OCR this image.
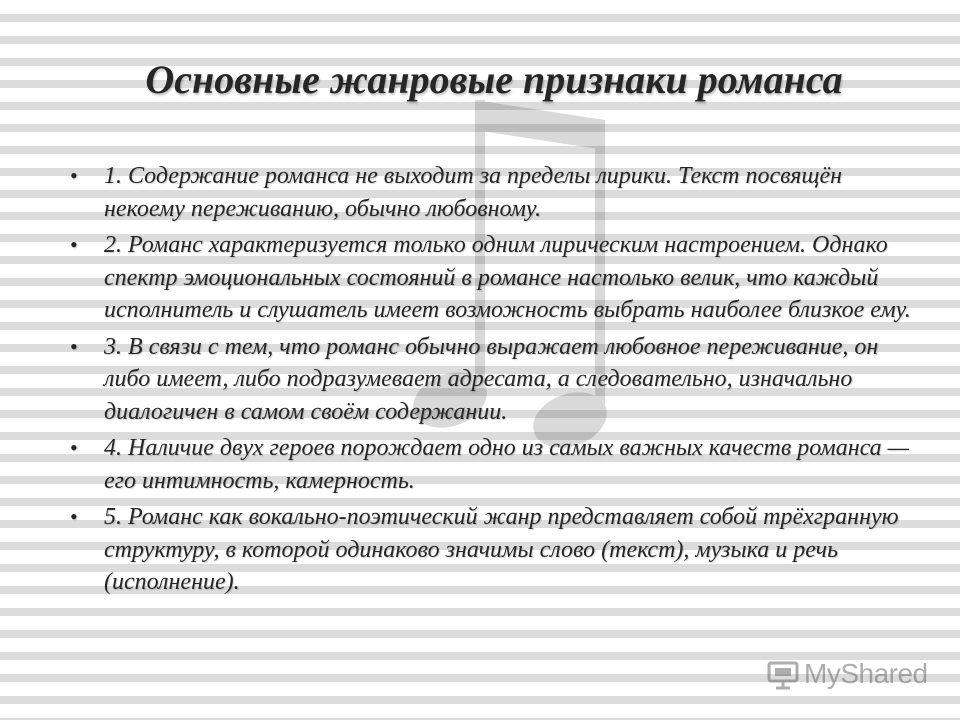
Основные жанровые признаки романса
• 1. Содержание романса не выходит за пределы лирики. Текст посвящён некоему переживанию, обычно любовному.
• 2. Романс характеризуется только одним лирическим настроением. Однако спектр эмоциональных состояний в романсе настолько велик, что каждый исполнитель и слушатель имеет возможность выбрать наиболее близкое ему.
• 3. В связи с тем, что романс обычно выражает любовное переживание, он либо имеет, либо подразумевает адресата, а следовательно, изначально диалогичен в самом своём содержании.
• 4. Наличие двух героев порождает одно из самых важных качеств романса — его интимность, камерность.
• 5. Романс как вокально-поэтический жанр представляет собой трёхгранную структуру, в которой одинаково значимы слово (текст), музыка и речь (исполнение).
MyShared
